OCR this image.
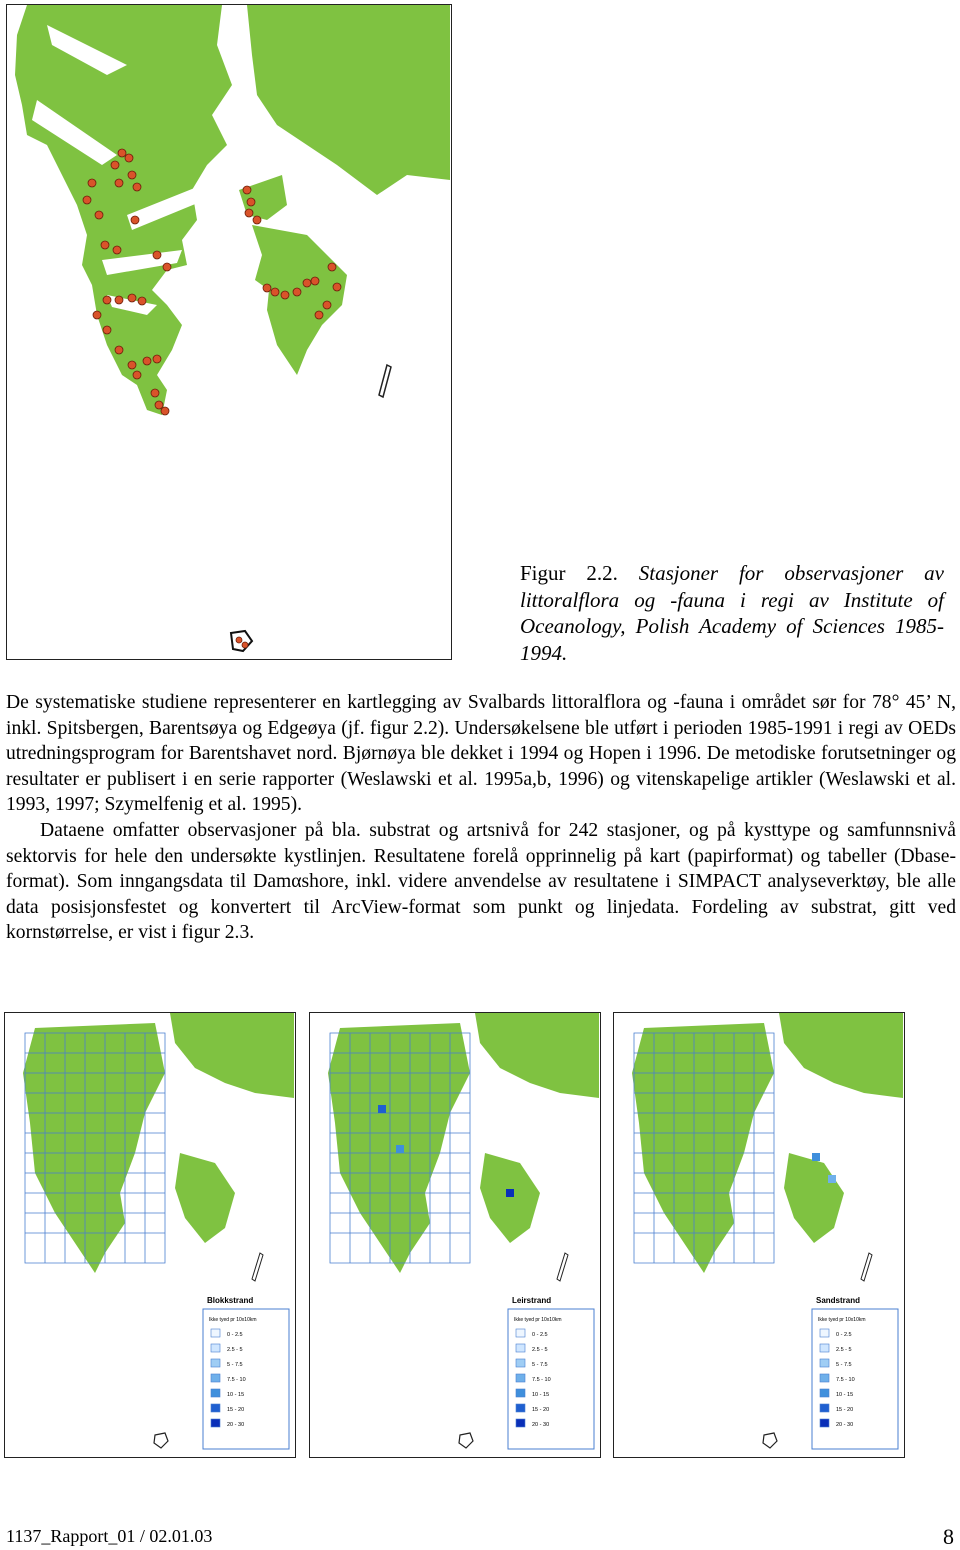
Figur 2.2. Stasjoner for observasjoner av littoralflora og -fauna i regi av Institute of Oceanology, Polish Academy of Sciences 1985-1994.

De systematiske studiene representerer en kartlegging av Svalbards littoralflora og -fauna i området sør for 78° 45’ N, inkl. Spitsbergen, Barentsøya og Edgeøya (jf. figur 2.2). Undersøkelsene ble utført i perioden 1985-1991 i regi av OEDs utredningsprogram for Barentshavet nord. Bjørnøya ble dekket i 1994 og Hopen i 1996. De metodiske forutsetninger og resultater er publisert i en serie rapporter (Weslawski et al. 1995a,b, 1996) og vitenskapelige artikler (Weslawski et al. 1993, 1997; Szymelfenig et al. 1995).

Dataene omfatter observasjoner på bla. substrat og artsnivå for 242 stasjoner, og på kysttype og samfunnsnivå sektorvis for hele den undersøkte kystlinjen. Resultatene forelå opprinnelig på kart (papirformat) og tabeller (Dbase-format). Som inngangsdata til Damαshore, inkl. videre anvendelse av resultatene i SIMPACT analyseverktøy, ble alle data posisjonsfestet og konvertert til ArcView-format som punkt og linjedata. Fordeling av substrat, gitt ved kornstørrelse, er vist i figur 2.3.

Blokkstrand
Ikke tyed pr 10x10km
0 - 2.5
2.5 - 5
5 - 7.5
7.5 - 10
10 - 15
15 - 20
20 - 30
Leirstrand
Ikke tyed pr 10x10km
0 - 2.5
2.5 - 5
5 - 7.5
7.5 - 10
10 - 15
15 - 20
20 - 30
Sandstrand
Ikke tyed pr 10x10km
0 - 2.5
2.5 - 5
5 - 7.5
7.5 - 10
10 - 15
15 - 20
20 - 30
1137_Rapport_01 / 02.01.03	8
